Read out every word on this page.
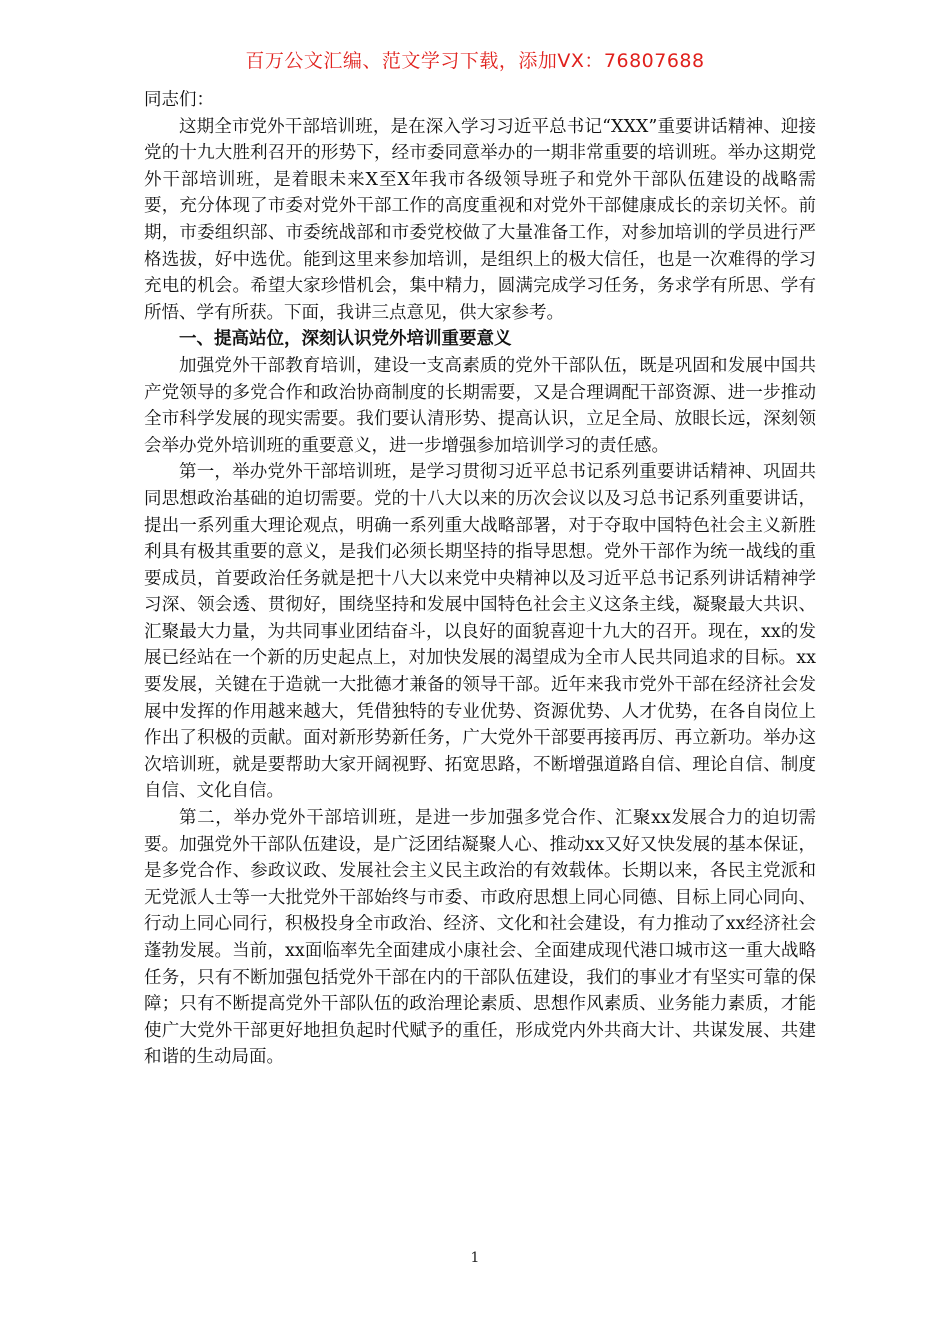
百万公文汇编、范文学习下载，添加VX：76807688

同志们：

这期全市党外干部培训班，是在深入学习习近平总书记“XXX”重要讲话精神、迎接党的十九大胜利召开的形势下，经市委同意举办的一期非常重要的培训班。举办这期党外干部培训班，是着眼未来X至X年我市各级领导班子和党外干部队伍建设的战略需要，充分体现了市委对党外干部工作的高度重视和对党外干部健康成长的亲切关怀。前期，市委组织部、市委统战部和市委党校做了大量准备工作，对参加培训的学员进行严格选拔，好中选优。能到这里来参加培训，是组织上的极大信任，也是一次难得的学习充电的机会。希望大家珍惜机会，集中精力，圆满完成学习任务，务求学有所思、学有所悟、学有所获。下面，我讲三点意见，供大家参考。

一、提高站位，深刻认识党外培训重要意义

加强党外干部教育培训，建设一支高素质的党外干部队伍，既是巩固和发展中国共产党领导的多党合作和政治协商制度的长期需要，又是合理调配干部资源、进一步推动全市科学发展的现实需要。我们要认清形势、提高认识，立足全局、放眼长远，深刻领会举办党外培训班的重要意义，进一步增强参加培训学习的责任感。

第一，举办党外干部培训班，是学习贯彻习近平总书记系列重要讲话精神、巩固共同思想政治基础的迫切需要。党的十八大以来的历次会议以及习总书记系列重要讲话，提出一系列重大理论观点，明确一系列重大战略部署，对于夺取中国特色社会主义新胜利具有极其重要的意义，是我们必须长期坚持的指导思想。党外干部作为统一战线的重要成员，首要政治任务就是把十八大以来党中央精神以及习近平总书记系列讲话精神学习深、领会透、贯彻好，围绕坚持和发展中国特色社会主义这条主线，凝聚最大共识、汇聚最大力量，为共同事业团结奋斗，以良好的面貌喜迎十九大的召开。现在，xx的发展已经站在一个新的历史起点上，对加快发展的渴望成为全市人民共同追求的目标。xx要发展，关键在于造就一大批德才兼备的领导干部。近年来我市党外干部在经济社会发展中发挥的作用越来越大，凭借独特的专业优势、资源优势、人才优势，在各自岗位上作出了积极的贡献。面对新形势新任务，广大党外干部要再接再厉、再立新功。举办这次培训班，就是要帮助大家开阔视野、拓宽思路，不断增强道路自信、理论自信、制度自信、文化自信。

第二，举办党外干部培训班，是进一步加强多党合作、汇聚xx发展合力的迫切需要。加强党外干部队伍建设，是广泛团结凝聚人心、推动xx又好又快发展的基本保证，是多党合作、参政议政、发展社会主义民主政治的有效载体。长期以来，各民主党派和无党派人士等一大批党外干部始终与市委、市政府思想上同心同德、目标上同心同向、行动上同心同行，积极投身全市政治、经济、文化和社会建设，有力推动了xx经济社会蓬勃发展。当前，xx面临率先全面建成小康社会、全面建成现代港口城市这一重大战略任务，只有不断加强包括党外干部在内的干部队伍建设，我们的事业才有坚实可靠的保障；只有不断提高党外干部队伍的政治理论素质、思想作风素质、业务能力素质，才能使广大党外干部更好地担负起时代赋予的重任，形成党内外共商大计、共谋发展、共建和谐的生动局面。

1
